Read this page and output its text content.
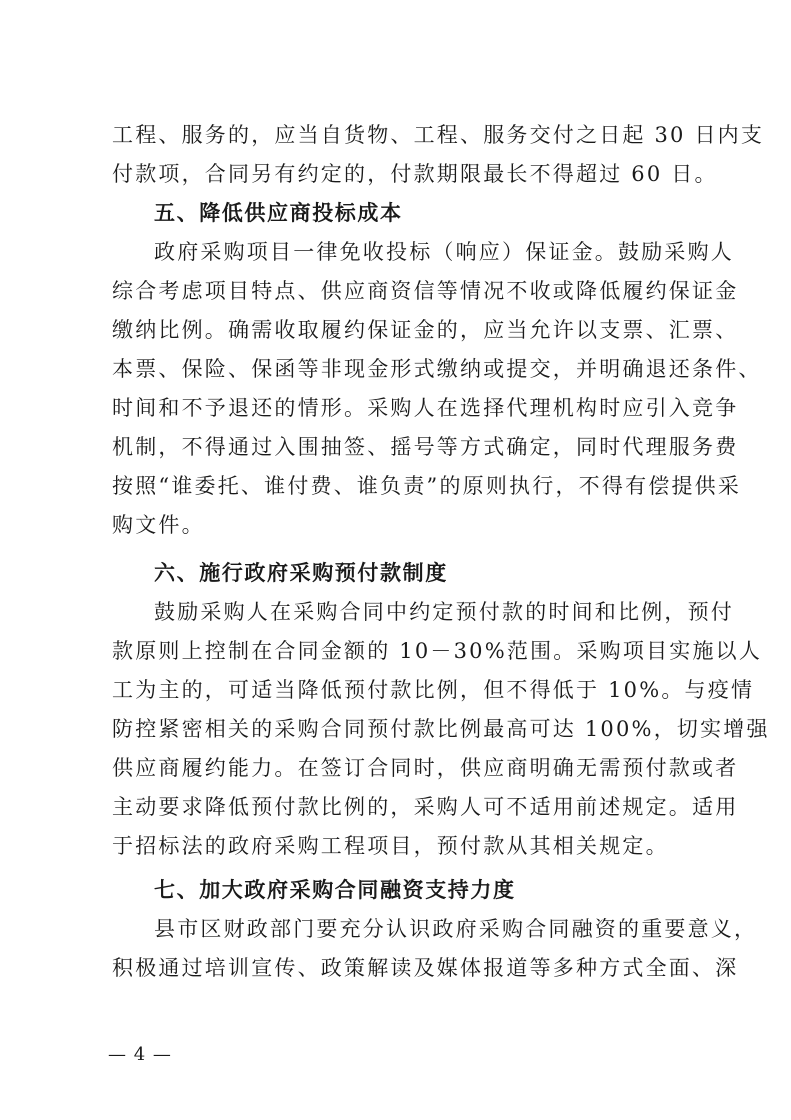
工程、服务的，应当自货物、工程、服务交付之日起 30 日内支
付款项，合同另有约定的，付款期限最长不得超过 60 日。
五、降低供应商投标成本
政府采购项目一律免收投标（响应）保证金。鼓励采购人
综合考虑项目特点、供应商资信等情况不收或降低履约保证金
缴纳比例。确需收取履约保证金的，应当允许以支票、汇票、
本票、保险、保函等非现金形式缴纳或提交，并明确退还条件、
时间和不予退还的情形。采购人在选择代理机构时应引入竞争
机制，不得通过入围抽签、摇号等方式确定，同时代理服务费
按照“谁委托、谁付费、谁负责”的原则执行，不得有偿提供采
购文件。
六、施行政府采购预付款制度
鼓励采购人在采购合同中约定预付款的时间和比例，预付
款原则上控制在合同金额的 10－30%范围。采购项目实施以人
工为主的，可适当降低预付款比例，但不得低于 10%。与疫情
防控紧密相关的采购合同预付款比例最高可达 100%，切实增强
供应商履约能力。在签订合同时，供应商明确无需预付款或者
主动要求降低预付款比例的，采购人可不适用前述规定。适用
于招标法的政府采购工程项目，预付款从其相关规定。
七、加大政府采购合同融资支持力度
县市区财政部门要充分认识政府采购合同融资的重要意义，
积极通过培训宣传、政策解读及媒体报道等多种方式全面、深
— 4 —
